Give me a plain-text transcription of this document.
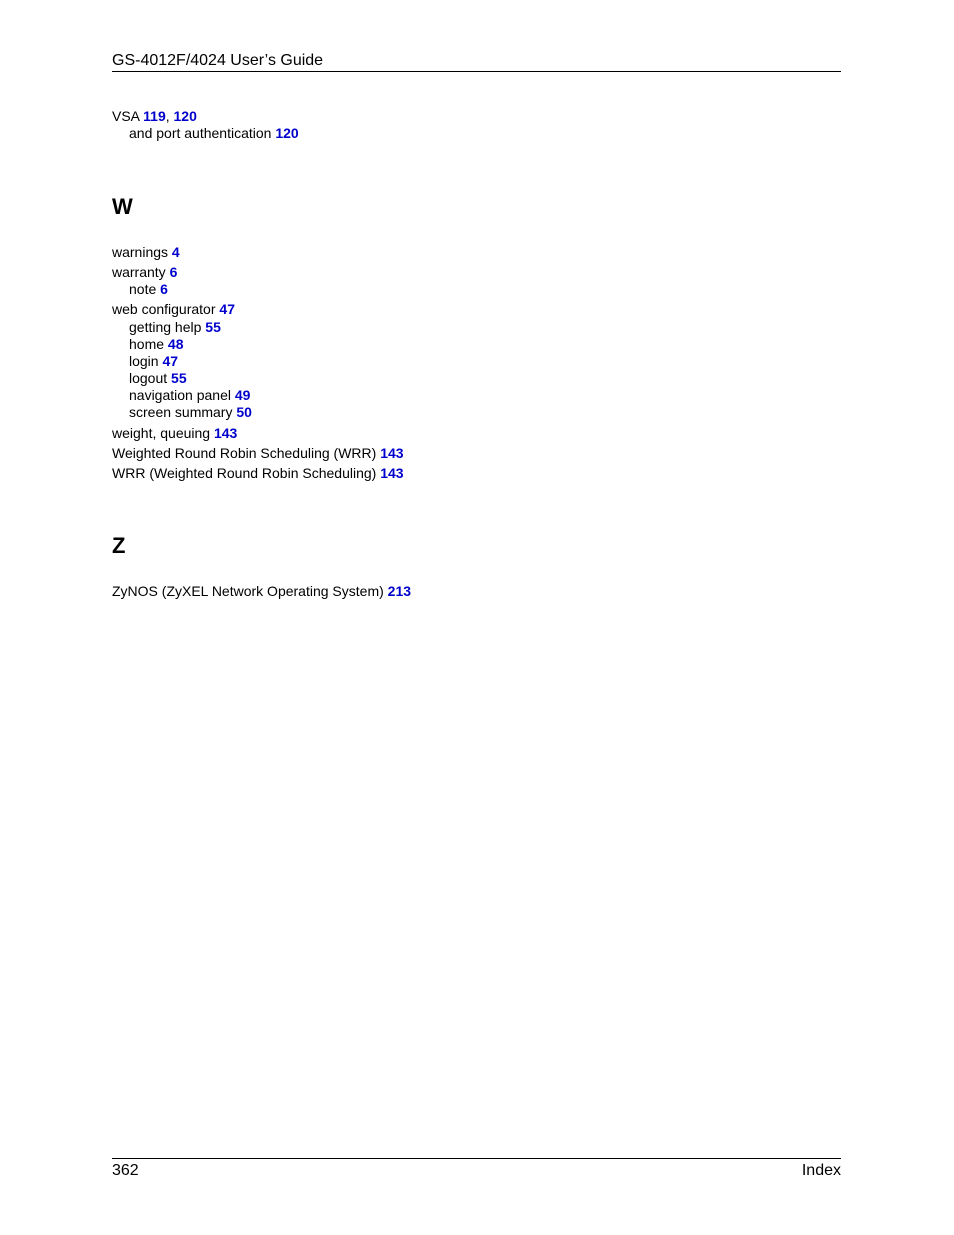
GS-4012F/4024 User’s Guide
VSA 119, 120
and port authentication 120
W
warnings 4
warranty 6
note 6
web configurator 47
getting help 55
home 48
login 47
logout 55
navigation panel 49
screen summary 50
weight, queuing 143
Weighted Round Robin Scheduling (WRR) 143
WRR (Weighted Round Robin Scheduling) 143
Z
ZyNOS (ZyXEL Network Operating System) 213
362	Index
